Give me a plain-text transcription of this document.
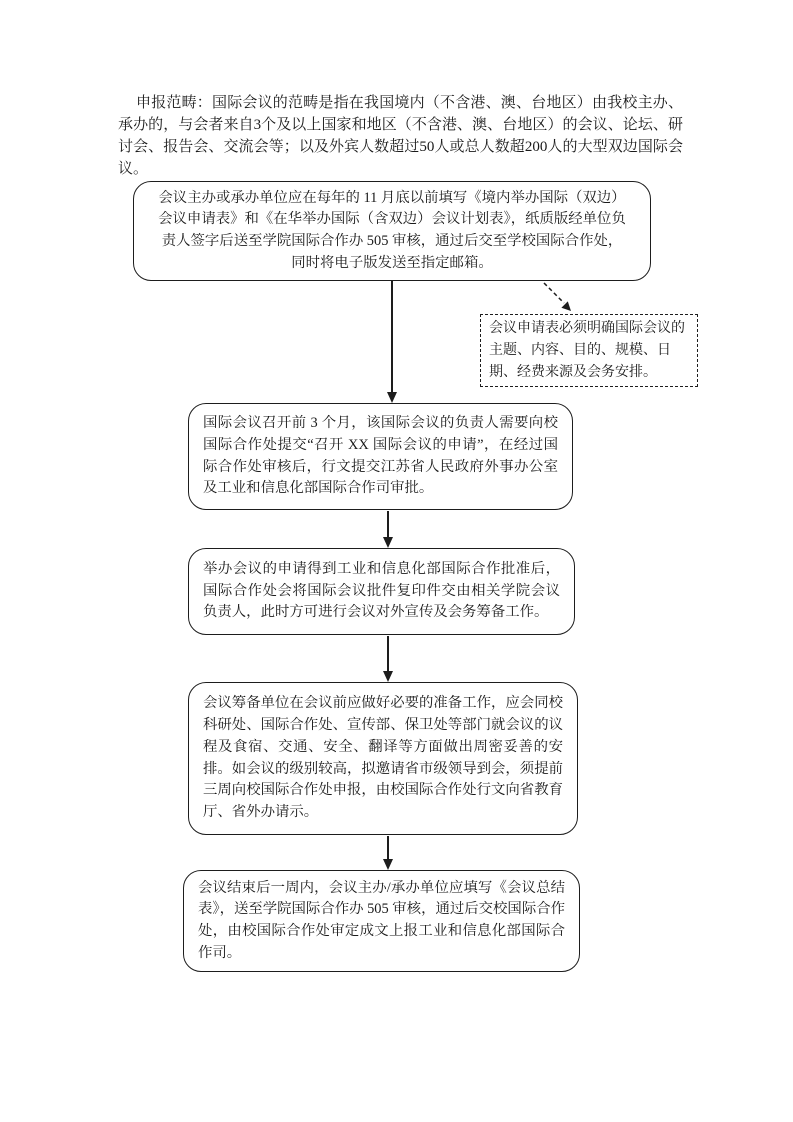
申报范畴：国际会议的范畴是指在我国境内（不含港、澳、台地区）由我校主办、承办的，与会者来自3个及以上国家和地区（不含港、澳、台地区）的会议、论坛、研讨会、报告会、交流会等；以及外宾人数超过50人或总人数超200人的大型双边国际会议。

会议主办或承办单位应在每年的 11 月底以前填写《境内举办国际（双边）会议申请表》和《在华举办国际（含双边）会议计划表》，纸质版经单位负责人签字后送至学院国际合作办 505 审核，通过后交至学校国际合作处，同时将电子版发送至指定邮箱。
会议申请表必须明确国际会议的主题、内容、目的、规模、日期、经费来源及会务安排。
国际会议召开前 3 个月，该国际会议的负责人需要向校国际合作处提交“召开 XX 国际会议的申请”，在经过国际合作处审核后，行文提交江苏省人民政府外事办公室及工业和信息化部国际合作司审批。
举办会议的申请得到工业和信息化部国际合作批准后，国际合作处会将国际会议批件复印件交由相关学院会议负责人，此时方可进行会议对外宣传及会务筹备工作。
会议筹备单位在会议前应做好必要的准备工作，应会同校科研处、国际合作处、宣传部、保卫处等部门就会议的议程及食宿、交通、安全、翻译等方面做出周密妥善的安排。如会议的级别较高，拟邀请省市级领导到会，须提前三周向校国际合作处申报，由校国际合作处行文向省教育厅、省外办请示。
会议结束后一周内，会议主办/承办单位应填写《会议总结表》，送至学院国际合作办 505 审核，通过后交校国际合作处，由校国际合作处审定成文上报工业和信息化部国际合作司。
